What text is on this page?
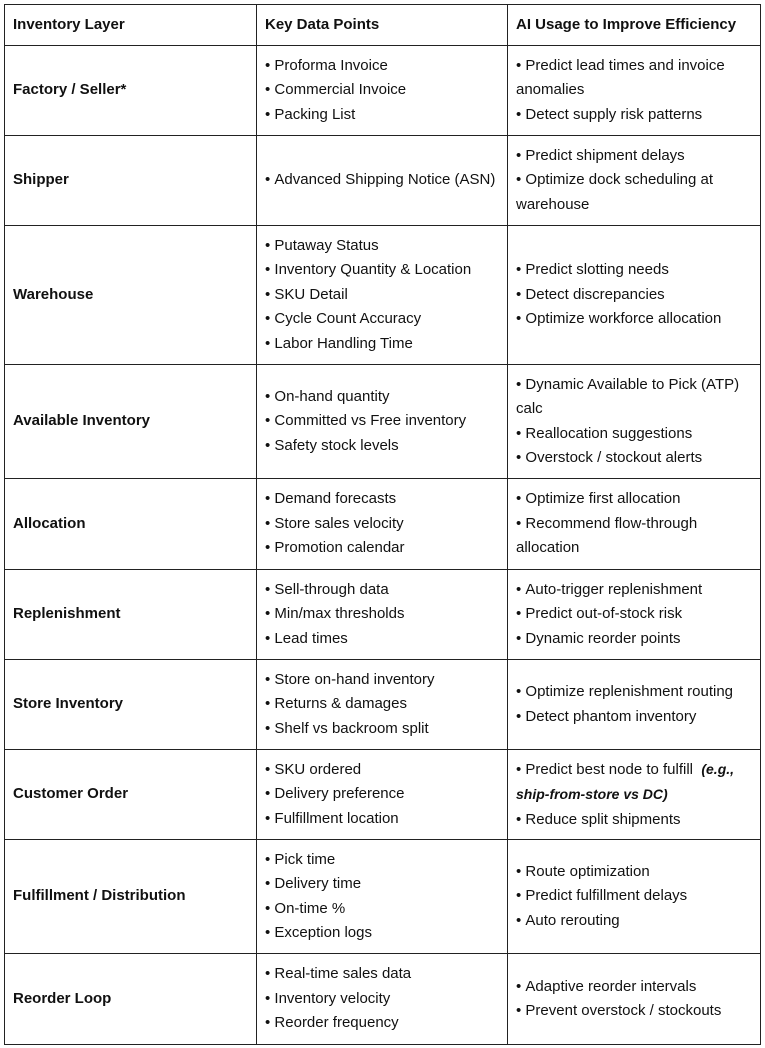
Inventory Layer	Key Data Points	AI Usage to Improve Efficiency
Factory / Seller*	• Proforma Invoice
• Commercial Invoice
• Packing List	• Predict lead times and invoice anomalies
• Detect supply risk patterns

Shipper	• Advanced Shipping Notice (ASN)	• Predict shipment delays
• Optimize dock scheduling at warehouse

Warehouse	• Putaway Status
• Inventory Quantity & Location
• SKU Detail
• Cycle Count Accuracy
• Labor Handling Time	• Predict slotting needs
• Detect discrepancies
• Optimize workforce allocation

Available Inventory	• On-hand quantity
• Committed vs Free inventory
• Safety stock levels	• Dynamic Available to Pick (ATP) calc
• Reallocation suggestions
• Overstock / stockout alerts

Allocation	• Demand forecasts
• Store sales velocity
• Promotion calendar	• Optimize first allocation
• Recommend flow-through allocation

Replenishment	• Sell-through data
• Min/max thresholds
• Lead times	• Auto-trigger replenishment
• Predict out-of-stock risk
• Dynamic reorder points

Store Inventory	• Store on-hand inventory
• Returns & damages
• Shelf vs backroom split	• Optimize replenishment routing
• Detect phantom inventory

Customer Order	• SKU ordered
• Delivery preference
• Fulfillment location	• Predict best node to fulfill (e.g., ship-from-store vs DC)
• Reduce split shipments

Fulfillment / Distribution	• Pick time
• Delivery time
• On-time %
• Exception logs	• Route optimization
• Predict fulfillment delays
• Auto rerouting

Reorder Loop	• Real-time sales data
• Inventory velocity
• Reorder frequency	• Adaptive reorder intervals
• Prevent overstock / stockouts
